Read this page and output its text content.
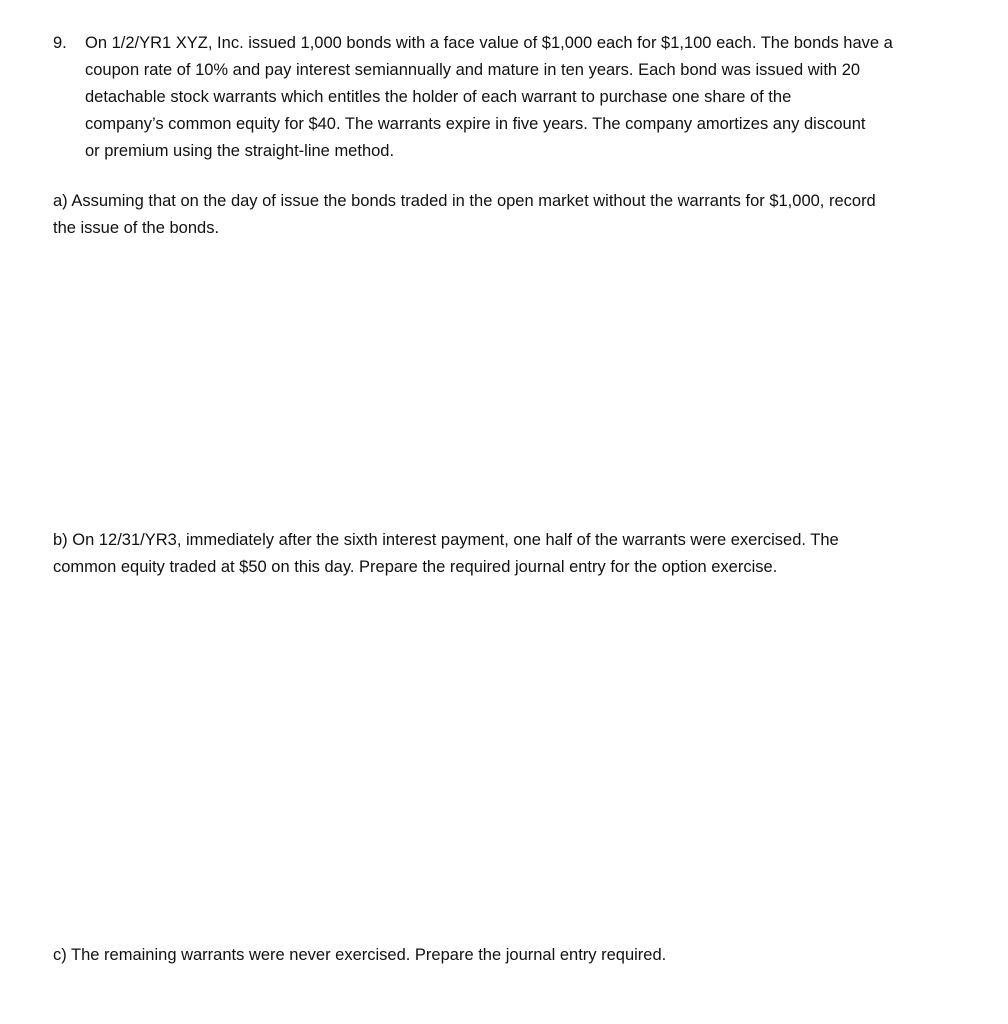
9. On 1/2/YR1 XYZ, Inc. issued 1,000 bonds with a face value of $1,000 each for $1,100 each. The bonds have a
coupon rate of 10% and pay interest semiannually and mature in ten years. Each bond was issued with 20
detachable stock warrants which entitles the holder of each warrant to purchase one share of the
company’s common equity for $40. The warrants expire in five years. The company amortizes any discount
or premium using the straight-line method.
a) Assuming that on the day of issue the bonds traded in the open market without the warrants for $1,000, record
the issue of the bonds.
b) On 12/31/YR3, immediately after the sixth interest payment, one half of the warrants were exercised. The
common equity traded at $50 on this day. Prepare the required journal entry for the option exercise.
c) The remaining warrants were never exercised. Prepare the journal entry required.
